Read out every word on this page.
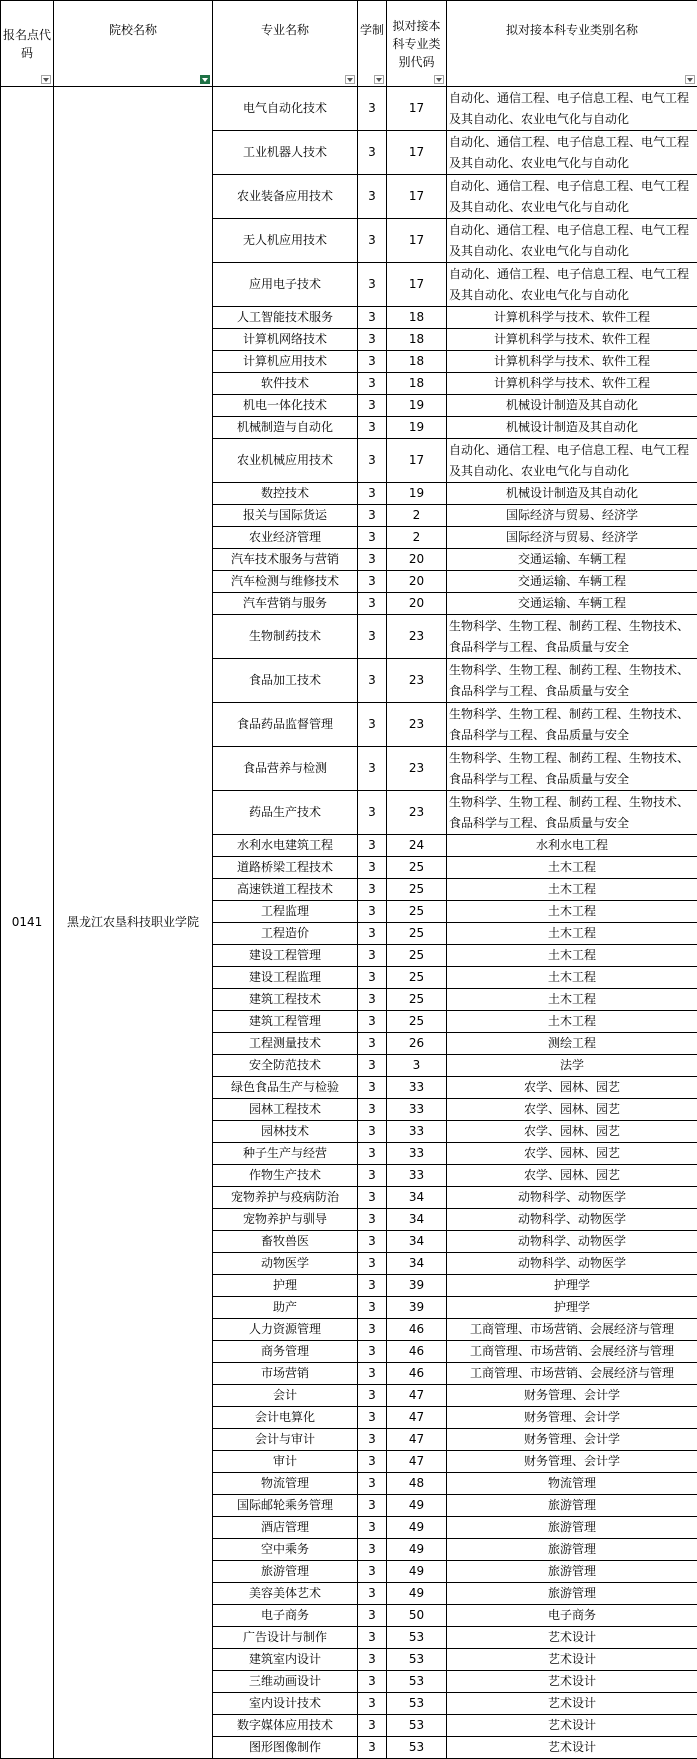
报名点代码	院校名称	专业名称	学制	拟对接本科专业类别代码	拟对接本科专业类别名称

0141	黑龙江农垦科技职业学院	电气自动化技术	3	17	自动化、通信工程、电子信息工程、电气工程及其自动化、农业电气化与自动化
		工业机器人技术	3	17	自动化、通信工程、电子信息工程、电气工程及其自动化、农业电气化与自动化
		农业装备应用技术	3	17	自动化、通信工程、电子信息工程、电气工程及其自动化、农业电气化与自动化
		无人机应用技术	3	17	自动化、通信工程、电子信息工程、电气工程及其自动化、农业电气化与自动化
		应用电子技术	3	17	自动化、通信工程、电子信息工程、电气工程及其自动化、农业电气化与自动化
		人工智能技术服务	3	18	计算机科学与技术、软件工程
		计算机网络技术	3	18	计算机科学与技术、软件工程
		计算机应用技术	3	18	计算机科学与技术、软件工程
		软件技术	3	18	计算机科学与技术、软件工程
		机电一体化技术	3	19	机械设计制造及其自动化
		机械制造与自动化	3	19	机械设计制造及其自动化
		农业机械应用技术	3	17	自动化、通信工程、电子信息工程、电气工程及其自动化、农业电气化与自动化
		数控技术	3	19	机械设计制造及其自动化
		报关与国际货运	3	2	国际经济与贸易、经济学
		农业经济管理	3	2	国际经济与贸易、经济学
		汽车技术服务与营销	3	20	交通运输、车辆工程
		汽车检测与维修技术	3	20	交通运输、车辆工程
		汽车营销与服务	3	20	交通运输、车辆工程
		生物制药技术	3	23	生物科学、生物工程、制药工程、生物技术、食品科学与工程、食品质量与安全
		食品加工技术	3	23	生物科学、生物工程、制药工程、生物技术、食品科学与工程、食品质量与安全
		食品药品监督管理	3	23	生物科学、生物工程、制药工程、生物技术、食品科学与工程、食品质量与安全
		食品营养与检测	3	23	生物科学、生物工程、制药工程、生物技术、食品科学与工程、食品质量与安全
		药品生产技术	3	23	生物科学、生物工程、制药工程、生物技术、食品科学与工程、食品质量与安全
		水利水电建筑工程	3	24	水利水电工程
		道路桥梁工程技术	3	25	土木工程
		高速铁道工程技术	3	25	土木工程
		工程监理	3	25	土木工程
		工程造价	3	25	土木工程
		建设工程管理	3	25	土木工程
		建设工程监理	3	25	土木工程
		建筑工程技术	3	25	土木工程
		建筑工程管理	3	25	土木工程
		工程测量技术	3	26	测绘工程
		安全防范技术	3	3	法学
		绿色食品生产与检验	3	33	农学、园林、园艺
		园林工程技术	3	33	农学、园林、园艺
		园林技术	3	33	农学、园林、园艺
		种子生产与经营	3	33	农学、园林、园艺
		作物生产技术	3	33	农学、园林、园艺
		宠物养护与疫病防治	3	34	动物科学、动物医学
		宠物养护与驯导	3	34	动物科学、动物医学
		畜牧兽医	3	34	动物科学、动物医学
		动物医学	3	34	动物科学、动物医学
		护理	3	39	护理学
		助产	3	39	护理学
		人力资源管理	3	46	工商管理、市场营销、会展经济与管理
		商务管理	3	46	工商管理、市场营销、会展经济与管理
		市场营销	3	46	工商管理、市场营销、会展经济与管理
		会计	3	47	财务管理、会计学
		会计电算化	3	47	财务管理、会计学
		会计与审计	3	47	财务管理、会计学
		审计	3	47	财务管理、会计学
		物流管理	3	48	物流管理
		国际邮轮乘务管理	3	49	旅游管理
		酒店管理	3	49	旅游管理
		空中乘务	3	49	旅游管理
		旅游管理	3	49	旅游管理
		美容美体艺术	3	49	旅游管理
		电子商务	3	50	电子商务
		广告设计与制作	3	53	艺术设计
		建筑室内设计	3	53	艺术设计
		三维动画设计	3	53	艺术设计
		室内设计技术	3	53	艺术设计
		数字媒体应用技术	3	53	艺术设计
		图形图像制作	3	53	艺术设计
